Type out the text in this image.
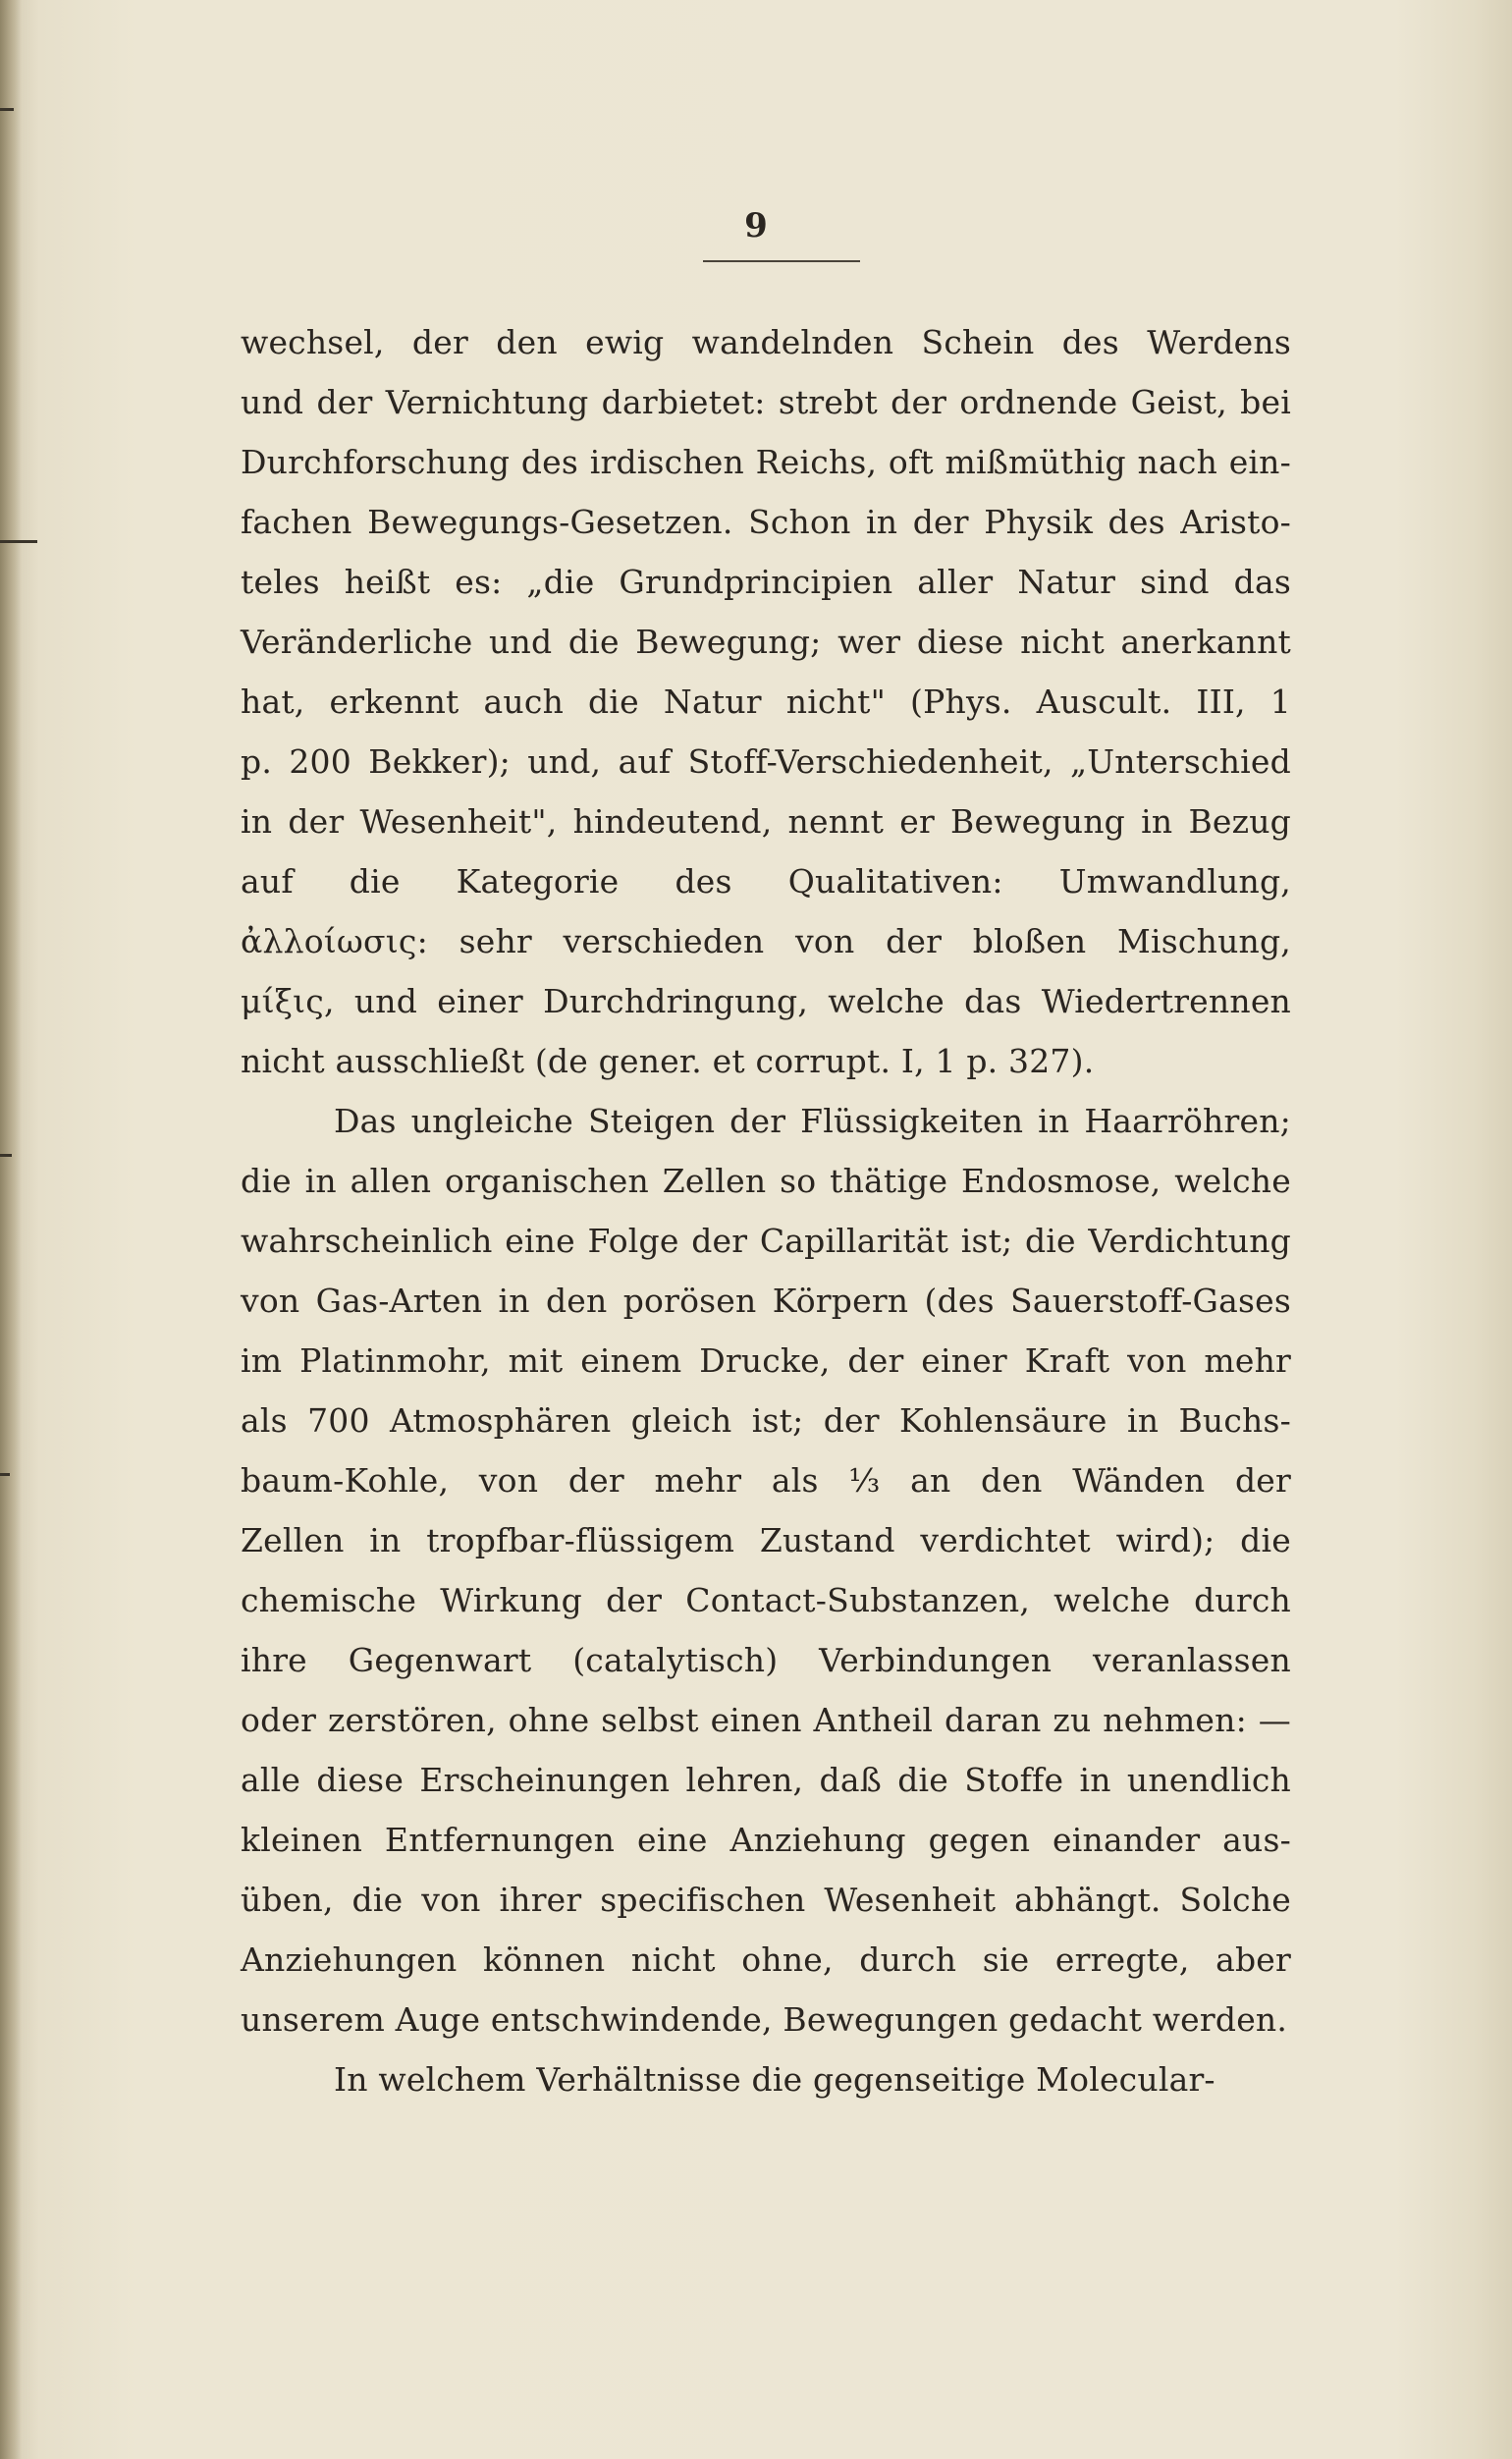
9
wechsel, der den ewig wandelnden Schein des Werdens
und der Vernichtung darbietet: strebt der ordnende Geist, bei
Durchforschung des irdischen Reichs, oft mißmüthig nach ein-
fachen Bewegungs-Gesetzen. Schon in der Physik des Aristo-
teles heißt es: „die Grundprincipien aller Natur sind das
Veränderliche und die Bewegung; wer diese nicht anerkannt
hat, erkennt auch die Natur nicht" (Phys. Auscult. III, 1
p. 200 Bekker); und, auf Stoff-Verschiedenheit, „Unterschied
in der Wesenheit", hindeutend, nennt er Bewegung in Bezug
auf die Kategorie des Qualitativen: Umwandlung,
ἀλλοίωσις: sehr verschieden von der bloßen Mischung,
μίξις, und einer Durchdringung, welche das Wiedertrennen
nicht ausschließt (de gener. et corrupt. I, 1 p. 327).
Das ungleiche Steigen der Flüssigkeiten in Haarröhren;
die in allen organischen Zellen so thätige Endosmose, welche
wahrscheinlich eine Folge der Capillarität ist; die Verdichtung
von Gas-Arten in den porösen Körpern (des Sauerstoff-Gases
im Platinmohr, mit einem Drucke, der einer Kraft von mehr
als 700 Atmosphären gleich ist; der Kohlensäure in Buchs-
baum-Kohle, von der mehr als ⅓ an den Wänden der
Zellen in tropfbar-flüssigem Zustand verdichtet wird); die
chemische Wirkung der Contact-Substanzen, welche durch
ihre Gegenwart (catalytisch) Verbindungen veranlassen
oder zerstören, ohne selbst einen Antheil daran zu nehmen: —
alle diese Erscheinungen lehren, daß die Stoffe in unendlich
kleinen Entfernungen eine Anziehung gegen einander aus-
üben, die von ihrer specifischen Wesenheit abhängt. Solche
Anziehungen können nicht ohne, durch sie erregte, aber
unserem Auge entschwindende, Bewegungen gedacht werden.
In welchem Verhältnisse die gegenseitige Molecular-
